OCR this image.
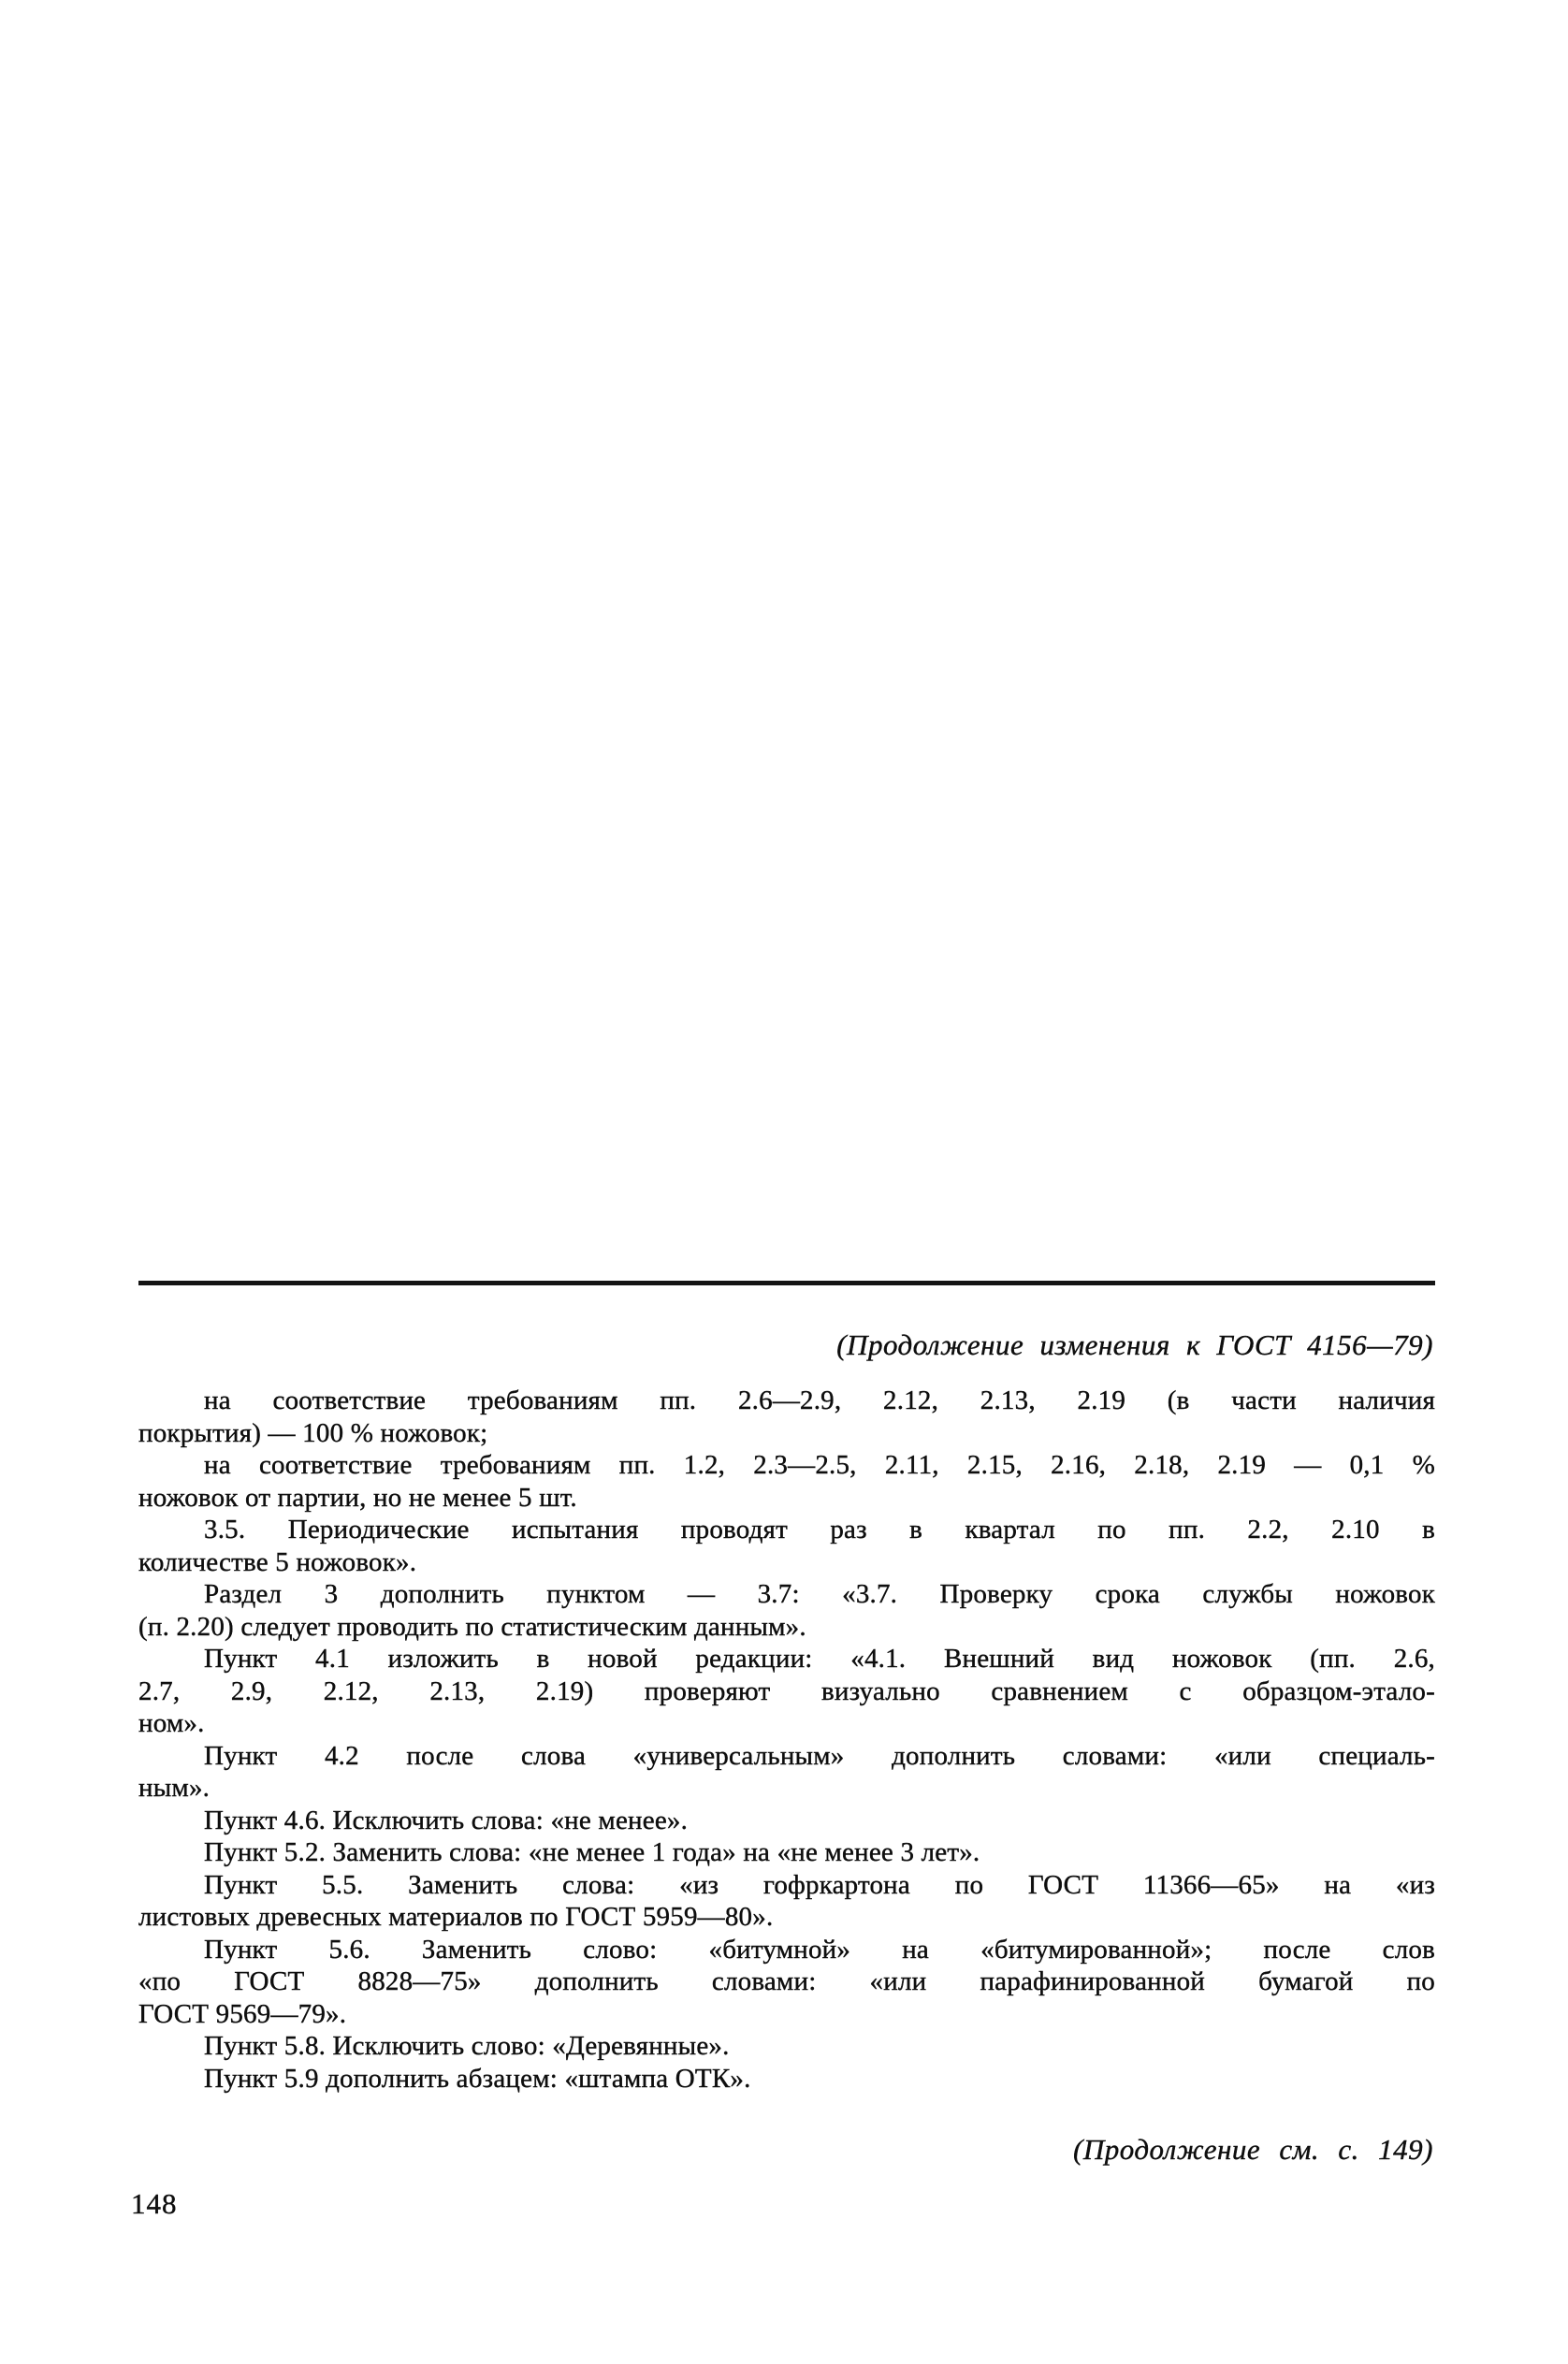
(Продолжение изменения к ГОСТ 4156—79)
на соответствие требованиям пп. 2.6—2.9, 2.12, 2.13, 2.19 (в части наличия
покрытия) — 100 % ножовок;
на соответствие требованиям пп. 1.2, 2.3—2.5, 2.11, 2.15, 2.16, 2.18, 2.19 — 0,1 %
ножовок от партии, но не менее 5 шт.
3.5. Периодические испытания проводят раз в квартал по пп. 2.2, 2.10 в
количестве 5 ножовок».
Раздел 3 дополнить пунктом — 3.7: «3.7. Проверку срока службы ножовок
(п. 2.20) следует проводить по статистическим данным».
Пункт 4.1 изложить в новой редакции: «4.1. Внешний вид ножовок (пп. 2.6,
2.7, 2.9, 2.12, 2.13, 2.19) проверяют визуально сравнением с образцом-этало-
ном».
Пункт 4.2 после слова «универсальным» дополнить словами: «или специаль-
ным».
Пункт 4.6. Исключить слова: «не менее».
Пункт 5.2. Заменить слова: «не менее 1 года» на «не менее 3 лет».
Пункт 5.5. Заменить слова: «из гофркартона по ГОСТ 11366—65» на «из
листовых древесных материалов по ГОСТ 5959—80».
Пункт 5.6. Заменить слово: «битумной» на «битумированной»; после слов
«по ГОСТ 8828—75» дополнить словами: «или парафинированной бумагой по
ГОСТ 9569—79».
Пункт 5.8. Исключить слово: «Деревянные».
Пункт 5.9 дополнить абзацем: «штампа ОТК».
(Продолжение см. с. 149)
148
